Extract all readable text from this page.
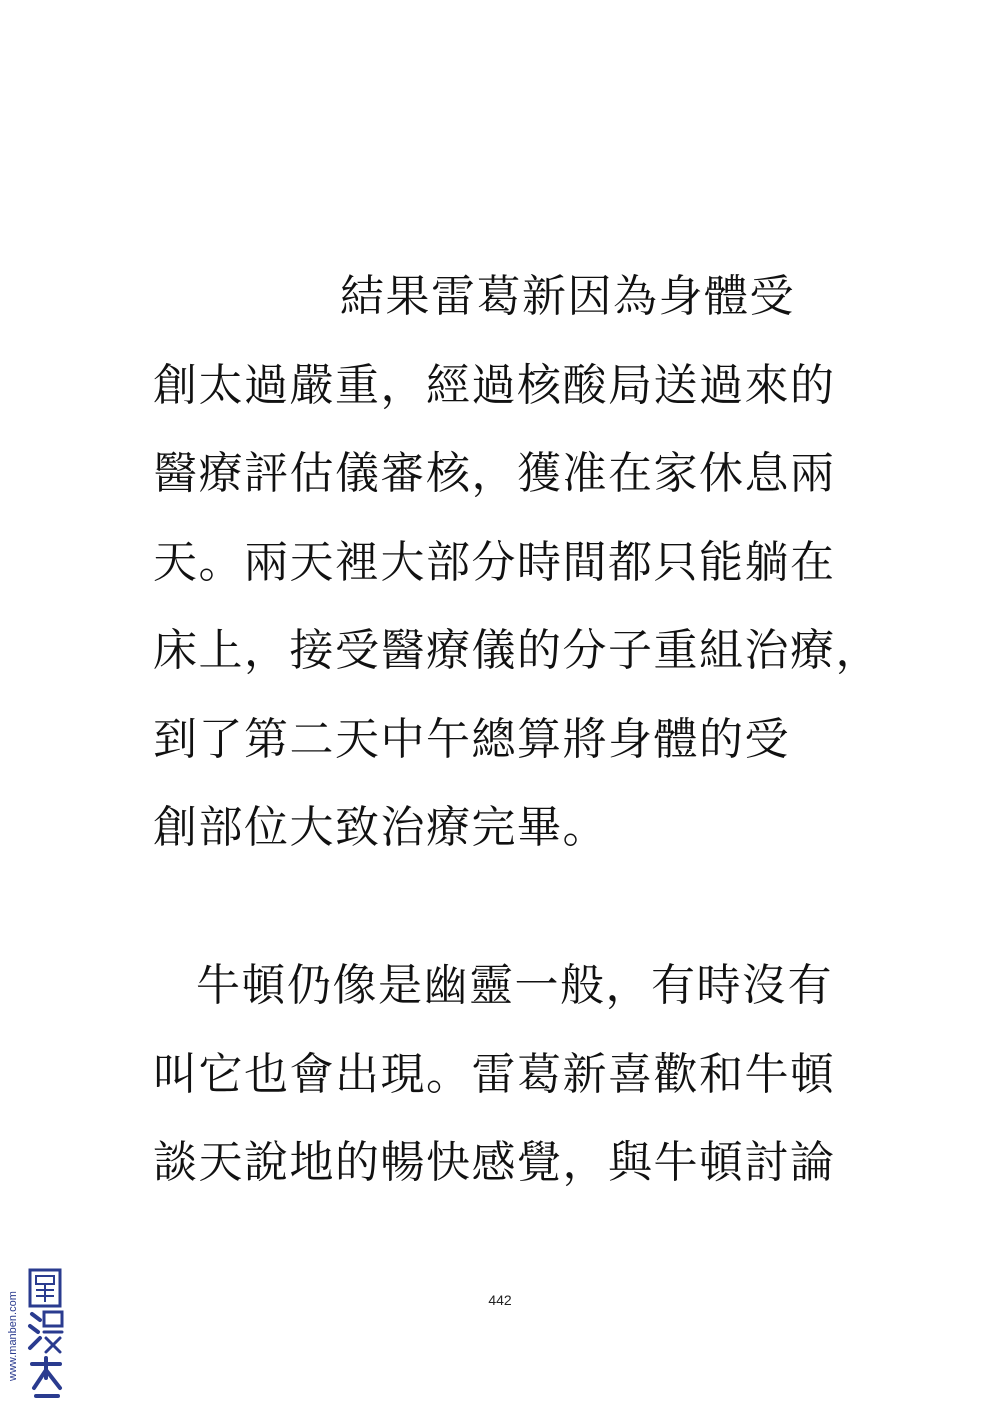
結果雷葛新因為身體受
創太過嚴重，經過核酸局送過來的
醫療評估儀審核，獲准在家休息兩
天。兩天裡大部分時間都只能躺在
床上，接受醫療儀的分子重組治療，
到了第二天中午總算將身體的受
創部位大致治療完畢。
牛頓仍像是幽靈一般，有時沒有
叫它也會出現。雷葛新喜歡和牛頓
談天說地的暢快感覺，與牛頓討論
442
www.manben.com
